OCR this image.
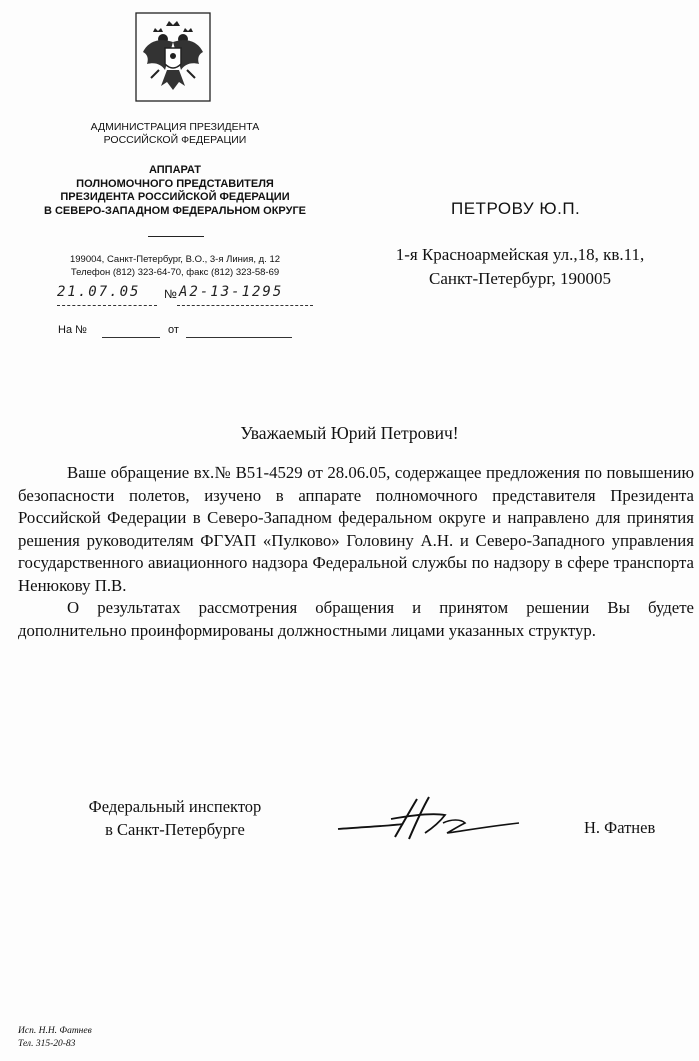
АДМИНИСТРАЦИЯ ПРЕЗИДЕНТА
РОССИЙСКОЙ ФЕДЕРАЦИИ
АППАРАТ
ПОЛНОМОЧНОГО ПРЕДСТАВИТЕЛЯ
ПРЕЗИДЕНТА РОССИЙСКОЙ ФЕДЕРАЦИИ
В СЕВЕРО-ЗАПАДНОМ ФЕДЕРАЛЬНОМ ОКРУГЕ
199004, Санкт-Петербург, В.О., 3-я Линия, д. 12
Телефон (812) 323-64-70, факс (812) 323-58-69
21.07.05 № А2-13-1295
На №	от
ПЕТРОВУ Ю.П.
1-я Красноармейская ул.,18, кв.11,
Санкт-Петербург, 190005
Уважаемый Юрий Петрович!

Ваше обращение вх.№ В51-4529 от 28.06.05, содержащее предложения по повышению безопасности полетов, изучено в аппарате полномочного представителя Президента Российской Федерации в Северо-Западном федеральном округе и направлено для принятия решения руководителям ФГУАП «Пулково» Головину А.Н. и Северо-Западного управления государственного авиационного надзора Федеральной службы по надзору в сфере транспорта Ненюкову П.В.

О результатах рассмотрения обращения и принятом решении Вы будете дополнительно проинформированы должностными лицами указанных структур.

Федеральный инспектор
в Санкт-Петербурге	Н. Фатнев
Исп. Н.Н. Фатнев
Тел. 315-20-83
